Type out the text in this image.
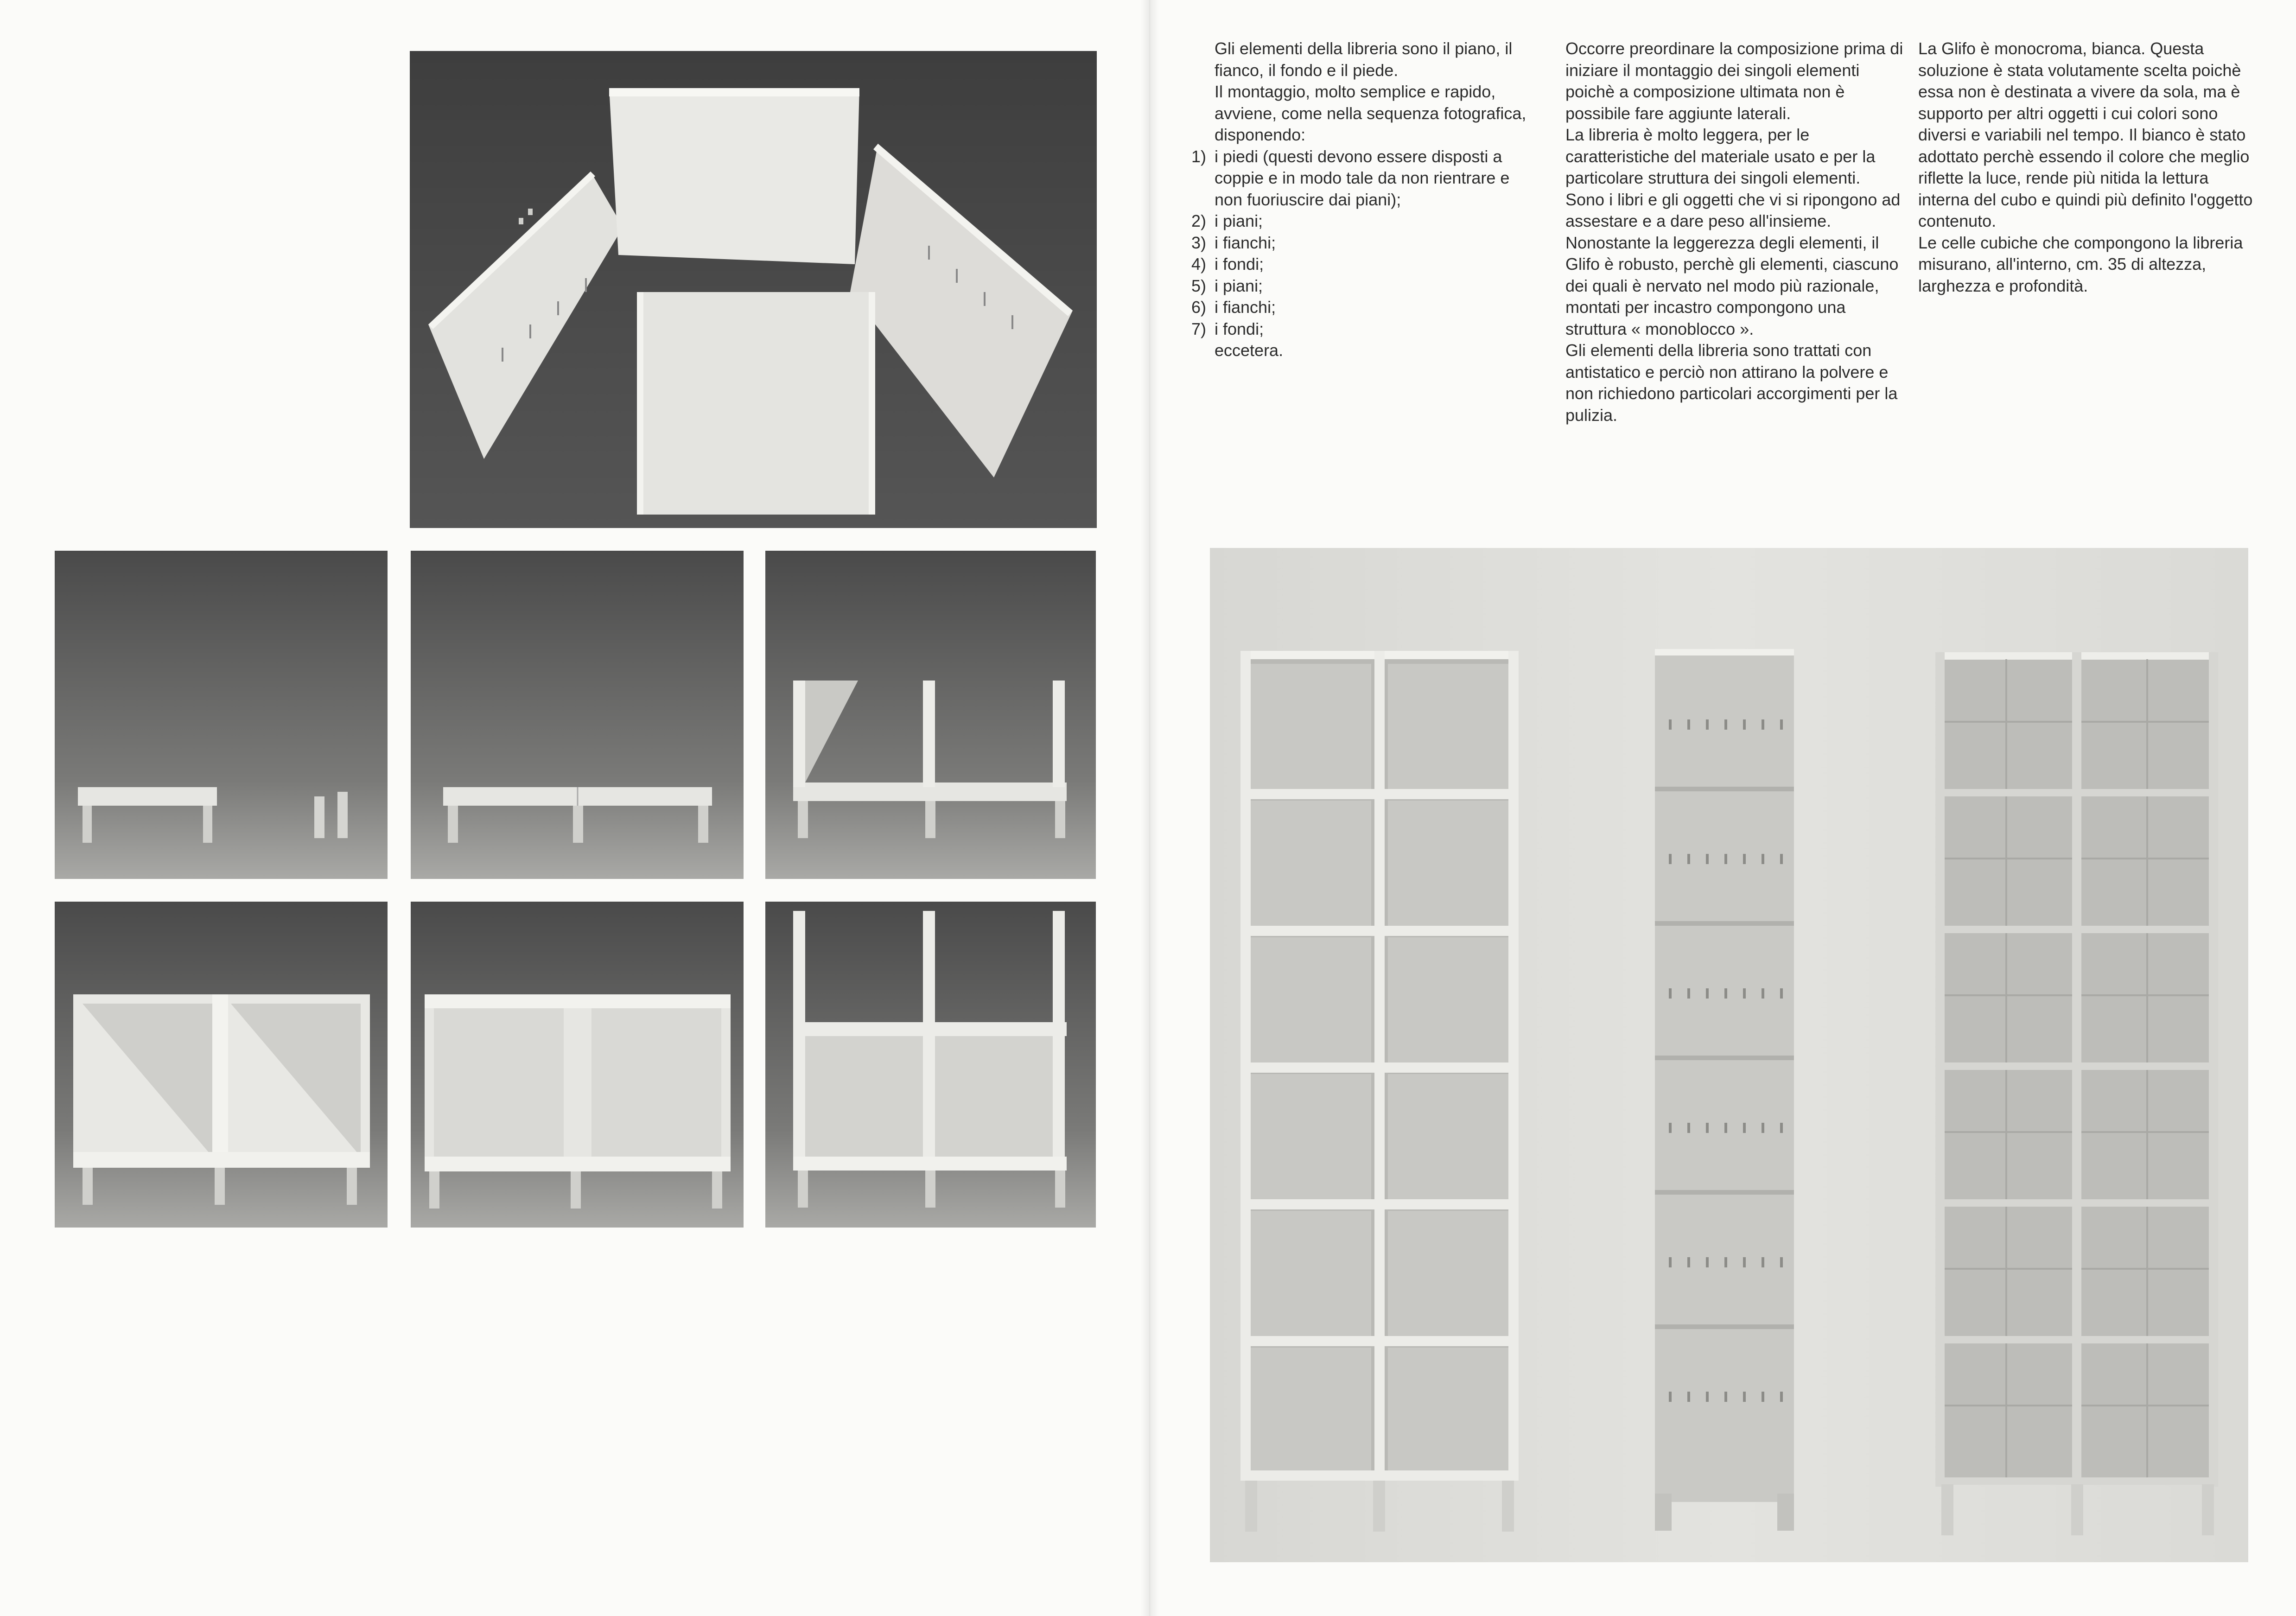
Gli elementi della libreria sono il piano, il fianco, il fondo e il piede.

Il montaggio, molto semplice e rapido, avviene, come nella sequenza fotografica, disponendo:

1) i piedi (questi devono essere disposti a coppie e in modo tale da non rientrare e non fuoriuscire dai piani);
2) i piani;
3) i fianchi;
4) i fondi;
5) i piani;
6) i fianchi;
7) i fondi;

eccetera.

Occorre preordinare la composizione prima di iniziare il montaggio dei singoli elementi poichè a composizione ultimata non è possibile fare aggiunte laterali.

La libreria è molto leggera, per le caratteristiche del materiale usato e per la particolare struttura dei singoli elementi. Sono i libri e gli oggetti che vi si ripongono ad assestare e a dare peso all'insieme.

Nonostante la leggerezza degli elementi, il Glifo è robusto, perchè gli elementi, ciascuno dei quali è nervato nel modo più razionale, montati per incastro compongono una struttura « monoblocco ».

Gli elementi della libreria sono trattati con antistatico e perciò non attirano la polvere e non richiedono particolari accorgimenti per la pulizia.

La Glifo è monocroma, bianca. Questa soluzione è stata volutamente scelta poichè essa non è destinata a vivere da sola, ma è supporto per altri oggetti i cui colori sono diversi e variabili nel tempo. Il bianco è stato adottato perchè essendo il colore che meglio riflette la luce, rende più nitida la lettura interna del cubo e quindi più definito l'oggetto contenuto.

Le celle cubiche che compongono la libreria misurano, all'interno, cm. 35 di altezza, larghezza e profondità.
